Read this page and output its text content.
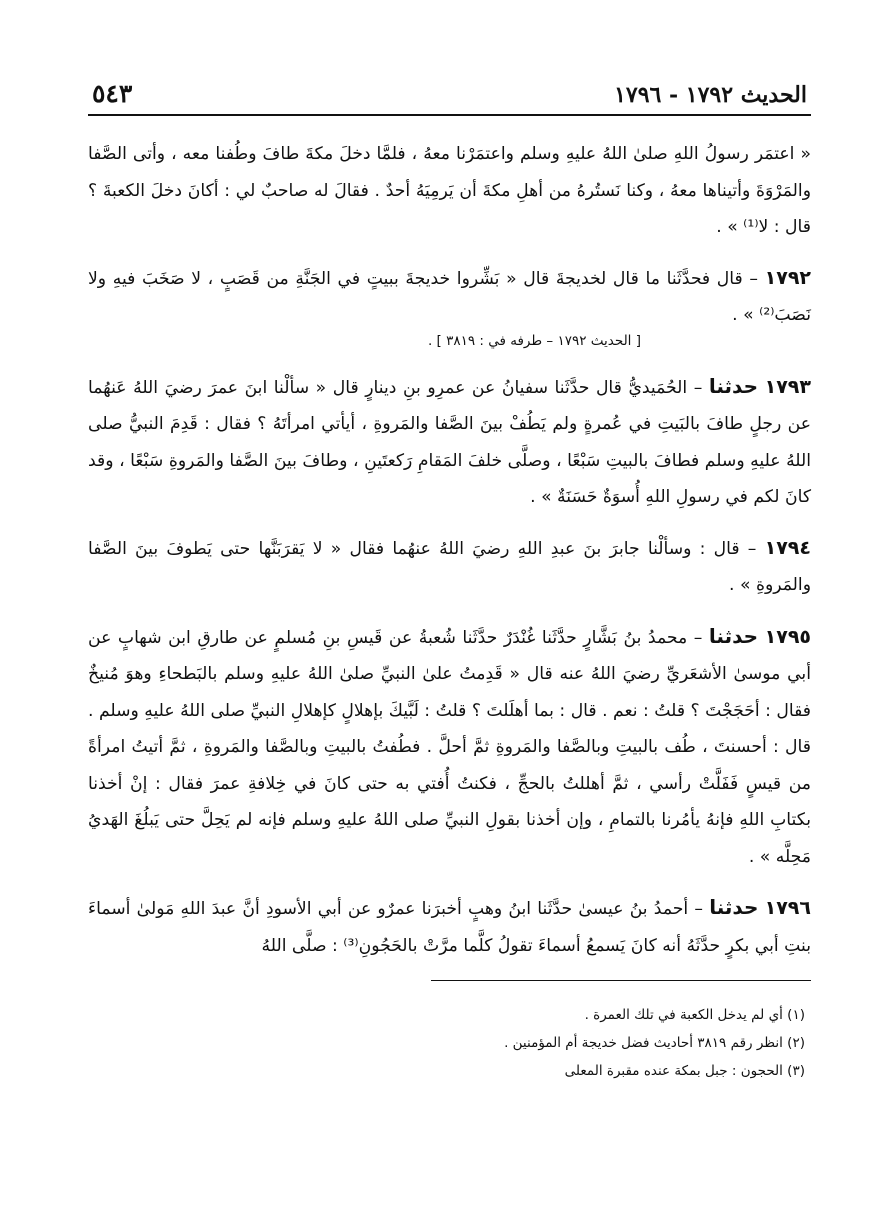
٥٤٣	الحديث ١٧٩٢ - ١٧٩٦

« اعتمَر رسولُ اللهِ صلىٰ اللهُ عليهِ وسلم واعتمَرْنا معهُ ، فلمَّا دخلَ مكةَ طافَ وطُفنا معه ، وأتى الصَّفا والمَرْوَةَ وأتيناها معهُ ، وكنا نَستُرهُ من أهلِ مكةَ أن يَرمِيَهُ أحدٌ . فقالَ له صاحبٌ لي : أكانَ دخلَ الكعبةَ ؟ قال : لا⁽¹⁾ » .

١٧٩٢ – قال فحدَّثَنا ما قال لخديجةَ قال « بَشِّروا خديجةَ ببيتٍ في الجَنَّةِ من قَصَبٍ ، لا صَخَبَ فيهِ ولا نَصَبَ⁽²⁾ » .

[ الحديث ١٧٩٢ – طرفه في : ٣٨١٩ ] .

١٧٩٣ حدثنا – الحُمَيديُّ قال حدَّثَنا سفيانُ عن عمرِو بنِ دينارٍ قال « سألْنا ابنَ عمرَ رضيَ اللهُ عَنهُما عن رجلٍ طافَ بالبَيتِ في عُمرةٍ ولم يَطُفْ بينَ الصَّفا والمَروةِ ، أيأتي امرأتَهُ ؟ فقال : قَدِمَ النبيُّ صلى اللهُ عليهِ وسلم فطافَ بالبيتِ سَبْعًا ، وصلَّى خلفَ المَقامِ رَكعتَينِ ، وطافَ بينَ الصَّفا والمَروةِ سَبْعًا ، وقد كانَ لكم في رسولِ اللهِ أُسوَةٌ حَسَنَةٌ » .

١٧٩٤ – قال : وسألْنا جابرَ بنَ عبدِ اللهِ رضيَ اللهُ عنهُما فقال « لا يَقرَبَنَّها حتى يَطوفَ بينَ الصَّفا والمَروةِ » .

١٧٩٥ حدثنا – محمدُ بنُ بَشَّارٍ حدَّثَنا غُنْدَرٌ حدَّثَنا شُعبةُ عن قَيسِ بنِ مُسلمٍ عن طارقِ ابن شهابٍ عن أبي موسىٰ الأشعَريِّ رضيَ اللهُ عنه قال « قَدِمتُ علىٰ النبيِّ صلىٰ اللهُ عليهِ وسلم بالبَطحاءِ وهوَ مُنيخٌ فقال : أحَجَجْتَ ؟ قلتُ : نعم . قال : بما أهلَلتَ ؟ قلتُ : لَبَّيكَ بإهلالٍ كإهلالِ النبيِّ صلى اللهُ عليهِ وسلم . قال : أحسنتَ ، طُف بالبيتِ وبالصَّفا والمَروةِ ثمَّ أحلَّ . فطُفتُ بالبيتِ وبالصَّفا والمَروةِ ، ثمَّ أتيتُ امرأةً من قيسٍ فَفَلَّتْ رأسي ، ثمَّ أهللتُ بالحجِّ ، فكنتُ أُفتي به حتى كانَ في خِلافةِ عمرَ فقال : إنْ أخذنا بكتابِ اللهِ فإنهُ يأمُرنا بالتمامِ ، وإن أخذنا بقولِ النبيِّ صلى اللهُ عليهِ وسلم فإنه لم يَحِلَّ حتى يَبلُغَ الهَديُ مَحِلَّه » .

١٧٩٦ حدثنا – أحمدُ بنُ عيسىٰ حدَّثَنا ابنُ وهبٍ أخبرَنا عمرٌو عن أبي الأسودِ أنَّ عبدَ اللهِ مَولىٰ أسماءَ بنتِ أبي بكرٍ حدَّثَهُ أنه كانَ يَسمعُ أسماءَ تقولُ كلَّما مرَّتْ بالحَجُونِ⁽³⁾ : صلَّى اللهُ

(١) أي لم يدخل الكعبة في تلك العمرة .

(٢) انظر رقم ٣٨١٩ أحاديث فضل خديجة أم المؤمنين .

(٣) الحجون : جبل بمكة عنده مقبرة المعلى
